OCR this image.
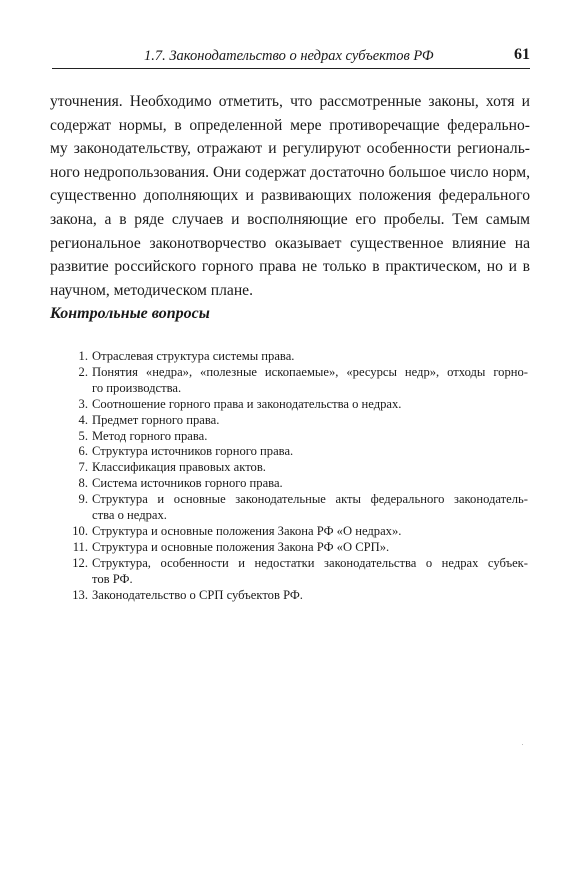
1.7. Законодательство о недрах субъектов РФ	61

уточнения. Необходимо отметить, что рассмотренные законы, хотя и
содержат нормы, в определенной мере противоречащие федерально-
му законодательству, отражают и регулируют особенности региональ-
ного недропользования. Они содержат достаточно большое число норм,
существенно дополняющих и развивающих положения федерального
закона, а в ряде случаев и восполняющие его пробелы. Тем самым
региональное законотворчество оказывает существенное влияние на
развитие российского горного права не только в практическом, но и в
научном, методическом плане.

Контрольные вопросы
1. Отраслевая структура системы права.
2. Понятия «недра», «полезные ископаемые», «ресурсы недр», отходы горно-
го производства.
3. Соотношение горного права и законодательства о недрах.
4. Предмет горного права.
5. Метод горного права.
6. Структура источников горного права.
7. Классификация правовых актов.
8. Система источников горного права.
9. Структура и основные законодательные акты федерального законодатель-
ства о недрах.
10. Структура и основные положения Закона РФ «О недрах».
11. Структура и основные положения Закона РФ «О СРП».
12. Структура, особенности и недостатки законодательства о недрах субъек-
тов РФ.
13. Законодательство о СРП субъектов РФ.
